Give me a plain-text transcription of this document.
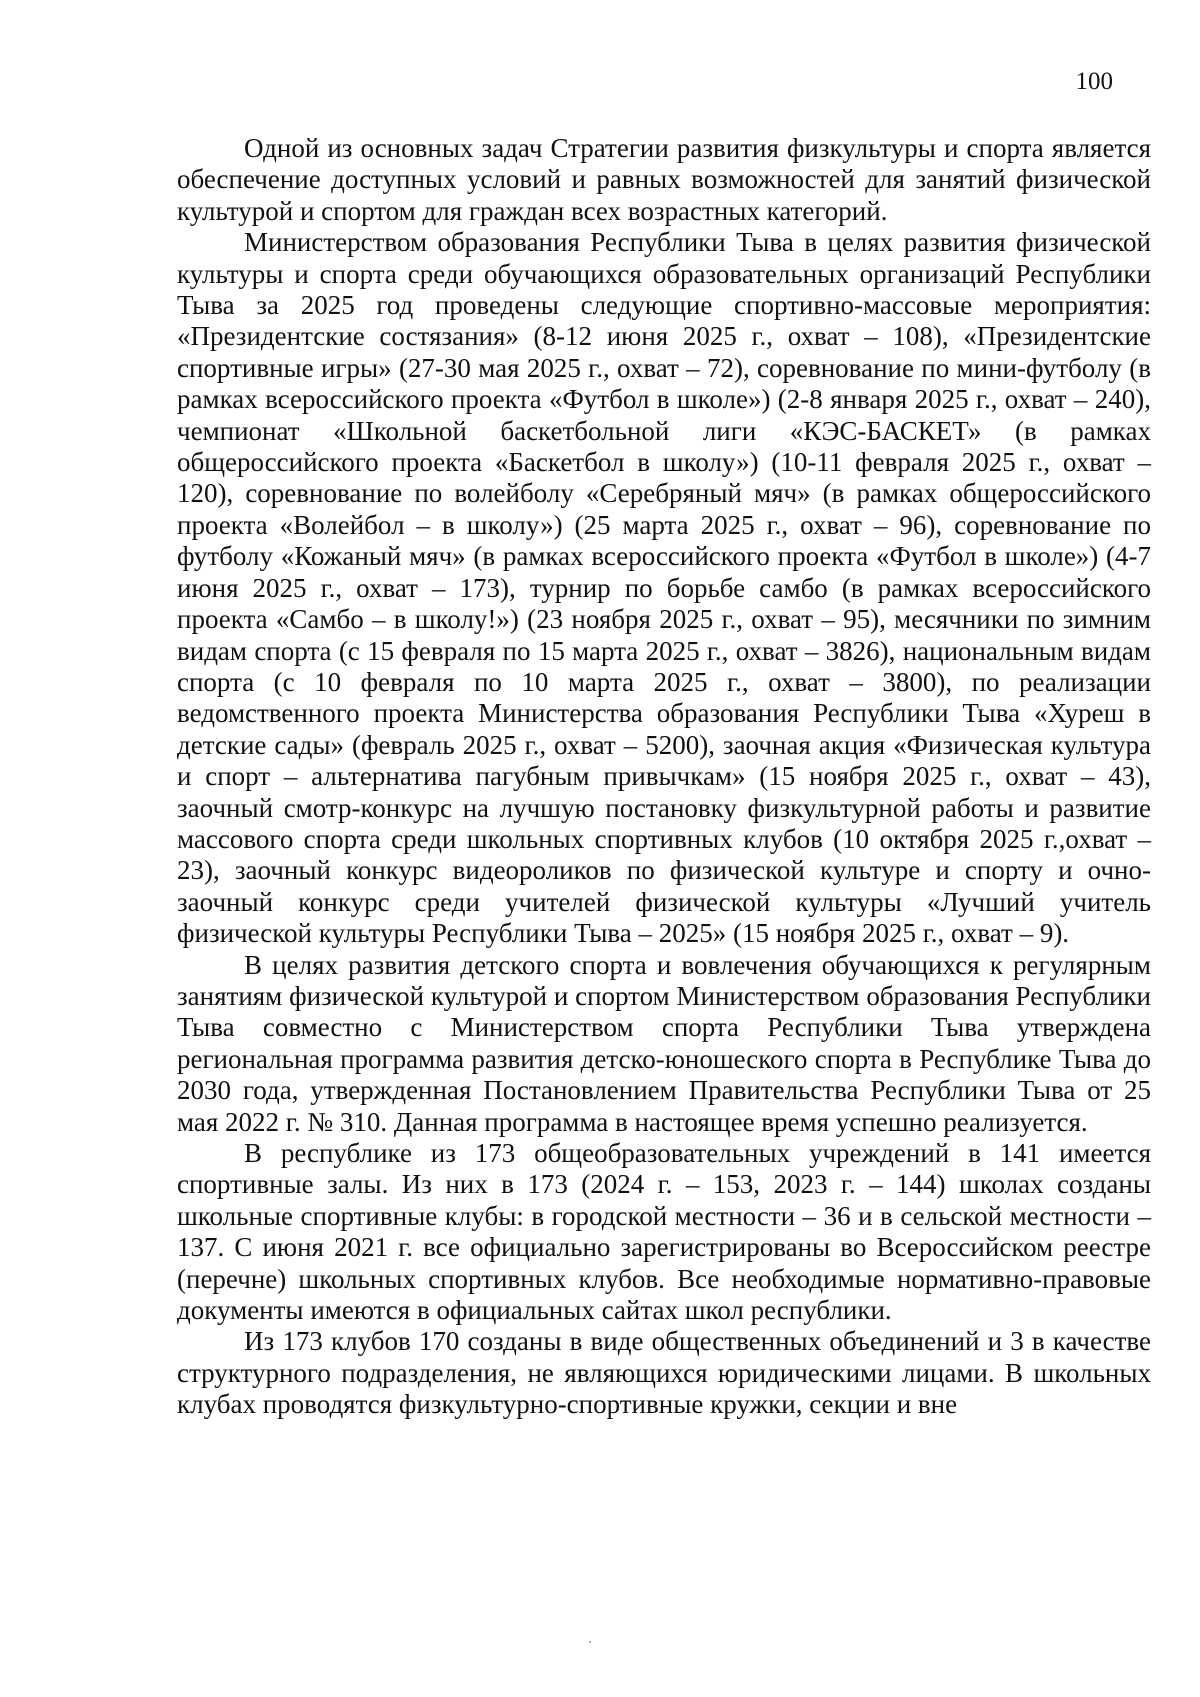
100

Одной из основных задач Стратегии развития физкультуры и спорта является обеспечение доступных условий и равных возможностей для занятий физической культурой и спортом для граждан всех возрастных категорий.

Министерством образования Республики Тыва в целях развития физической культуры и спорта среди обучающихся образовательных организаций Республики Тыва за 2025 год проведены следующие спортивно-массовые мероприятия: «Президентские состязания» (8-12 июня 2025 г., охват – 108), «Президентские спортивные игры» (27-30 мая 2025 г., охват – 72), соревнование по мини-футболу (в рамках всероссийского проекта «Футбол в школе») (2-8 января 2025 г., охват – 240), чемпионат «Школьной баскетбольной лиги «КЭС-БАСКЕТ» (в рамках общероссийского проекта «Баскетбол в школу») (10-11 февраля 2025 г., охват – 120), соревнование по волейболу «Серебряный мяч» (в рамках общероссийского проекта «Волейбол – в школу») (25 марта 2025 г., охват – 96), соревнование по футболу «Кожаный мяч» (в рамках всероссийского проекта «Футбол в школе») (4-7 июня 2025 г., охват – 173), турнир по борьбе самбо (в рамках всероссийского проекта «Самбо – в школу!») (23 ноября 2025 г., охват – 95), месячники по зимним видам спорта (с 15 февраля по 15 марта 2025 г., охват – 3826), национальным видам спорта (с 10 февраля по 10 марта 2025 г., охват – 3800), по реализации ведомственного проекта Министерства образования Республики Тыва «Хуреш в детские сады» (февраль 2025 г., охват – 5200), заочная акция «Физическая культура и спорт – альтернатива пагубным привычкам» (15 ноября 2025 г., охват – 43), заочный смотр-конкурс на лучшую постановку физкультурной работы и развитие массового спорта среди школьных спортивных клубов (10 октября 2025 г.,охват – 23), заочный конкурс видеороликов по физической культуре и спорту и очно-заочный конкурс среди учителей физической культуры «Лучший учитель физической культуры Республики Тыва – 2025» (15 ноября 2025 г., охват – 9).

В целях развития детского спорта и вовлечения обучающихся к регулярным занятиям физической культурой и спортом Министерством образования Республики Тыва совместно с Министерством спорта Республики Тыва утверждена региональная программа развития детско-юношеского спорта в Республике Тыва до 2030 года, утвержденная Постановлением Правительства Республики Тыва от 25 мая 2022 г. № 310. Данная программа в настоящее время успешно реализуется.

В республике из 173 общеобразовательных учреждений в 141 имеется спортивные залы. Из них в 173 (2024 г. – 153, 2023 г. – 144) школах созданы школьные спортивные клубы: в городской местности – 36 и в сельской местности – 137. С июня 2021 г. все официально зарегистрированы во Всероссийском реестре (перечне) школьных спортивных клубов. Все необходимые нормативно-правовые документы имеются в официальных сайтах школ республики.

Из 173 клубов 170 созданы в виде общественных объединений и 3 в качестве структурного подразделения, не являющихся юридическими лицами. В школьных клубах проводятся физкультурно-спортивные кружки, секции и вне
